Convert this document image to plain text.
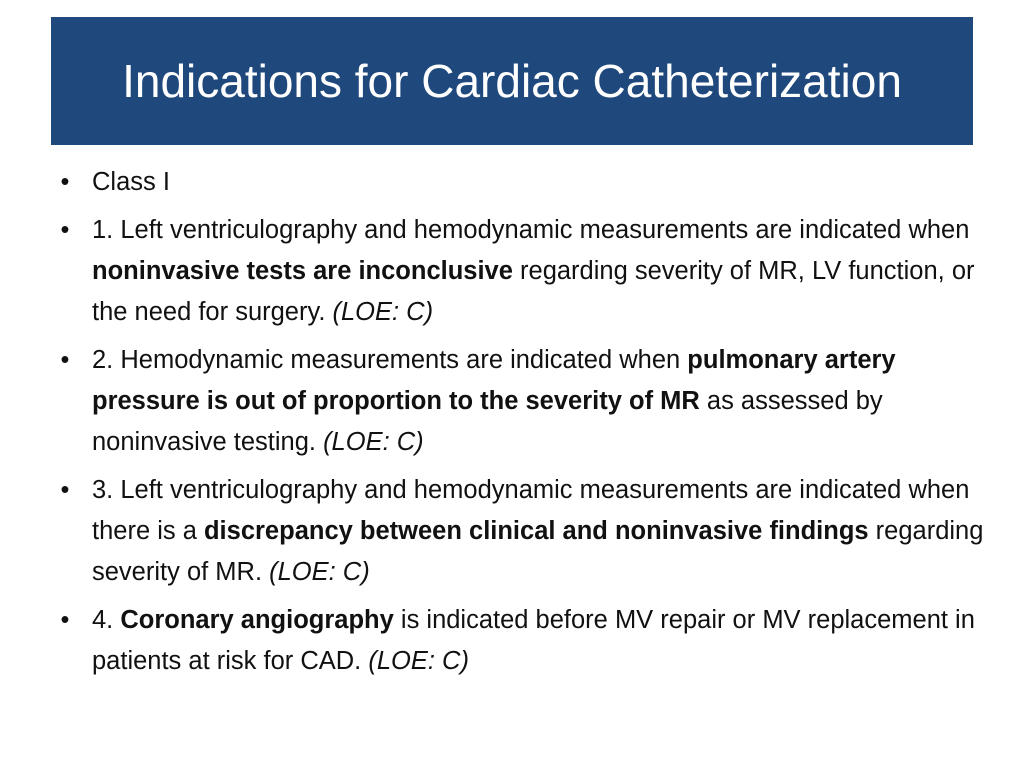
Indications for Cardiac Catheterization
• Class I
• 1. Left ventriculography and hemodynamic measurements are indicated when noninvasive tests are inconclusive regarding severity of MR, LV function, or the need for surgery. (LOE: C)
• 2. Hemodynamic measurements are indicated when pulmonary artery pressure is out of proportion to the severity of MR as assessed by noninvasive testing. (LOE: C)
• 3. Left ventriculography and hemodynamic measurements are indicated when there is a discrepancy between clinical and noninvasive findings regarding severity of MR. (LOE: C)
• 4. Coronary angiography is indicated before MV repair or MV replacement in patients at risk for CAD. (LOE: C)
